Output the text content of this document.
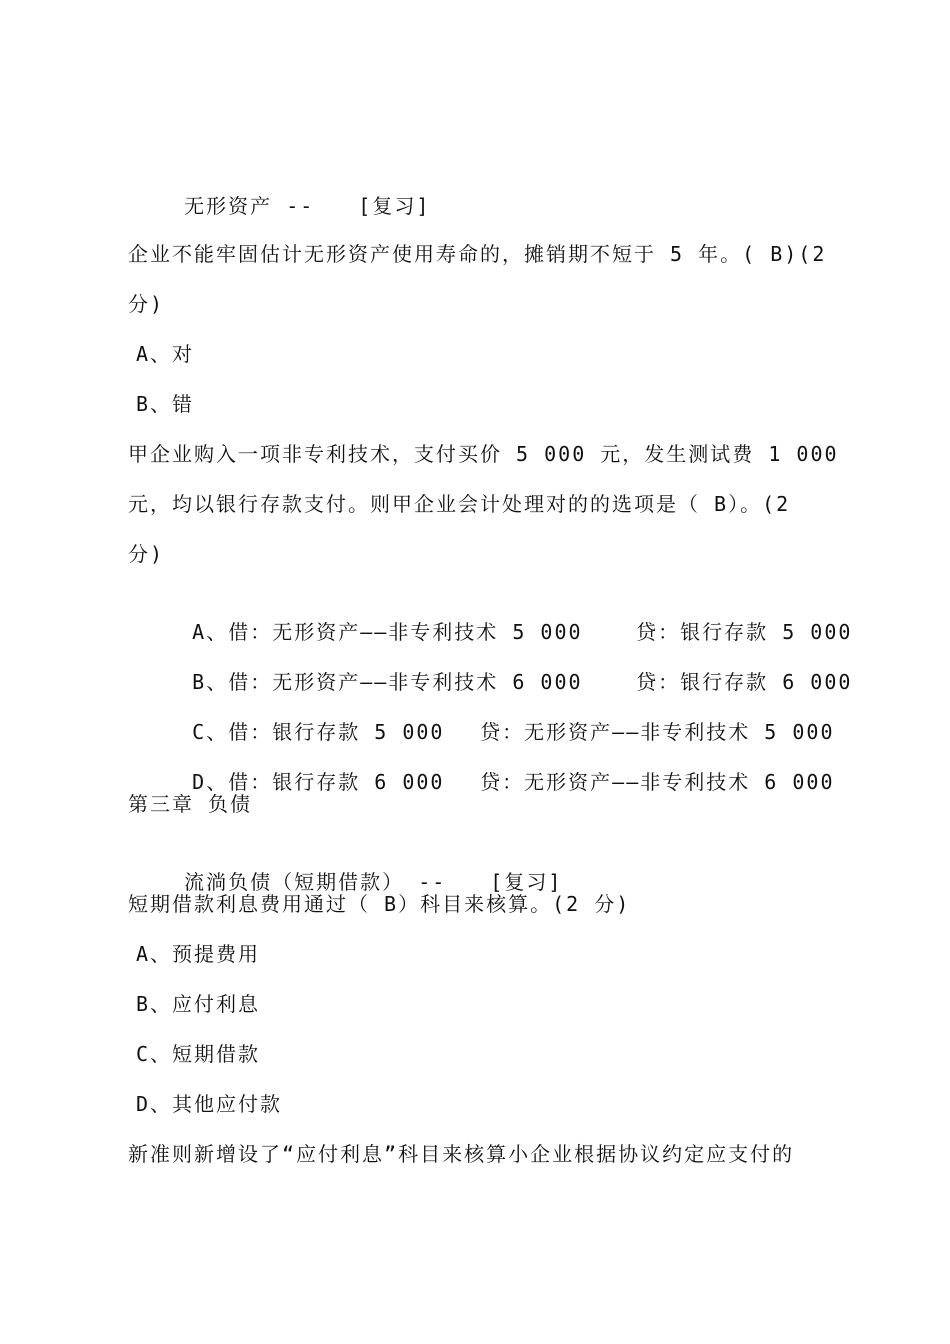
无形资产 -- [复习]

企业不能牢固估计无形资产使用寿命的，摊销期不短于 5 年。( B)(2
分)
A、对
B、错
甲企业购入一项非专利技术，支付买价 5 000 元，发生测试费 1 000
元，均以银行存款支付。则甲企业会计处理对的的选项是（ B）。(2
分)

A、借：无形资产——非专利技术 5 000	贷：银行存款 5 000

B、借：无形资产——非专利技术 6 000	贷：银行存款 6 000

C、借：银行存款 5 000 贷：无形资产——非专利技术 5 000

D、借：银行存款 6 000 贷：无形资产——非专利技术 6 000

第三章 负债

流淌负债（短期借款） -- [复习]

短期借款利息费用通过（ B）科目来核算。(2 分)
A、预提费用
B、应付利息
C、短期借款
D、其他应付款
新准则新增设了“应付利息”科目来核算小企业根据协议约定应支付的
